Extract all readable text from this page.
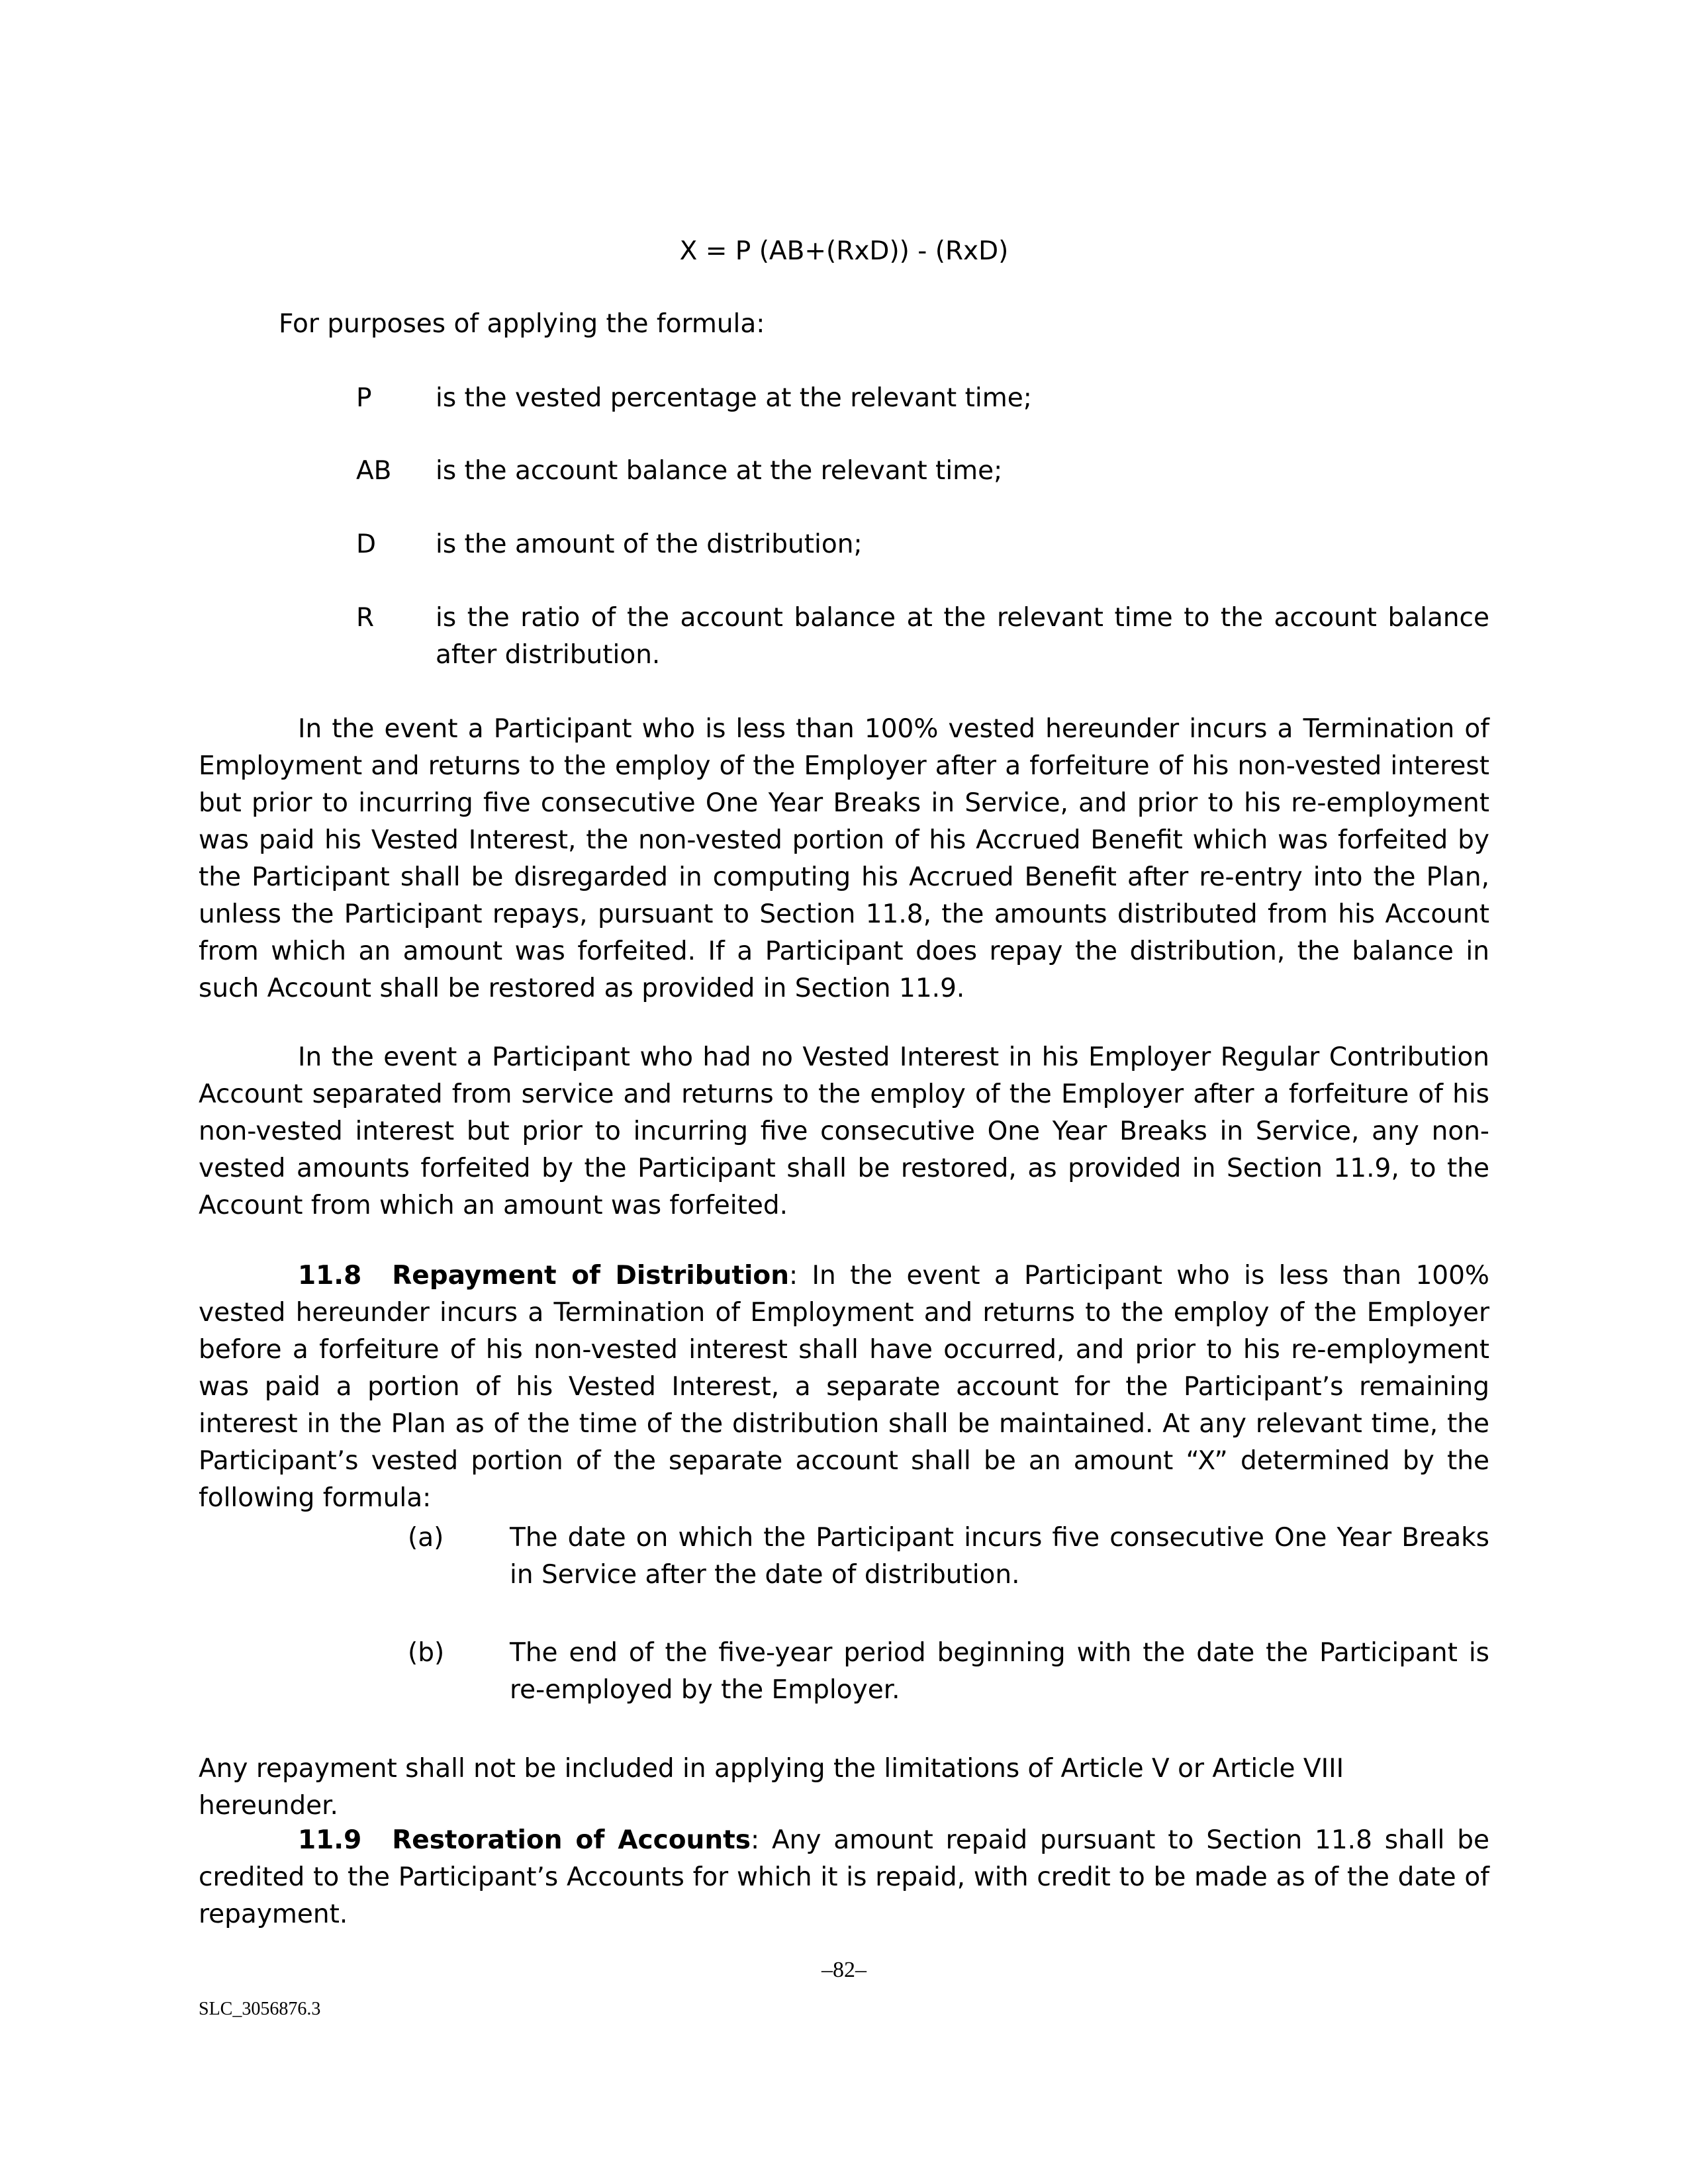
X = P (AB+(RxD)) - (RxD)
For purposes of applying the formula:
P is the vested percentage at the relevant time;
AB is the account balance at the relevant time;
D is the amount of the distribution;
R is the ratio of the account balance at the relevant time to the account balance after distribution.
In the event a Participant who is less than 100% vested hereunder incurs a Termination of Employment and returns to the employ of the Employer after a forfeiture of his non-vested interest but prior to incurring five consecutive One Year Breaks in Service, and prior to his re-employment was paid his Vested Interest, the non-vested portion of his Accrued Benefit which was forfeited by the Participant shall be disregarded in computing his Accrued Benefit after re-entry into the Plan, unless the Participant repays, pursuant to Section 11.8, the amounts distributed from his Account from which an amount was forfeited. If a Participant does repay the distribution, the balance in such Account shall be restored as provided in Section 11.9.
In the event a Participant who had no Vested Interest in his Employer Regular Contribution Account separated from service and returns to the employ of the Employer after a forfeiture of his non-vested interest but prior to incurring five consecutive One Year Breaks in Service, any non-vested amounts forfeited by the Participant shall be restored, as provided in Section 11.9, to the Account from which an amount was forfeited.
11.8 Repayment of Distribution: In the event a Participant who is less than 100% vested hereunder incurs a Termination of Employment and returns to the employ of the Employer before a forfeiture of his non-vested interest shall have occurred, and prior to his re-employment was paid a portion of his Vested Interest, a separate account for the Participant’s remaining interest in the Plan as of the time of the distribution shall be maintained. At any relevant time, the Participant’s vested portion of the separate account shall be an amount “X” determined by the following formula:
(a)	The date on which the Participant incurs five consecutive One Year Breaks in Service after the date of distribution.
(b)	The end of the five-year period beginning with the date the Participant is re-employed by the Employer.
Any repayment shall not be included in applying the limitations of Article V or Article VIII hereunder.
11.9 Restoration of Accounts: Any amount repaid pursuant to Section 11.8 shall be credited to the Participant’s Accounts for which it is repaid, with credit to be made as of the date of repayment.
–82–
SLC_3056876.3
